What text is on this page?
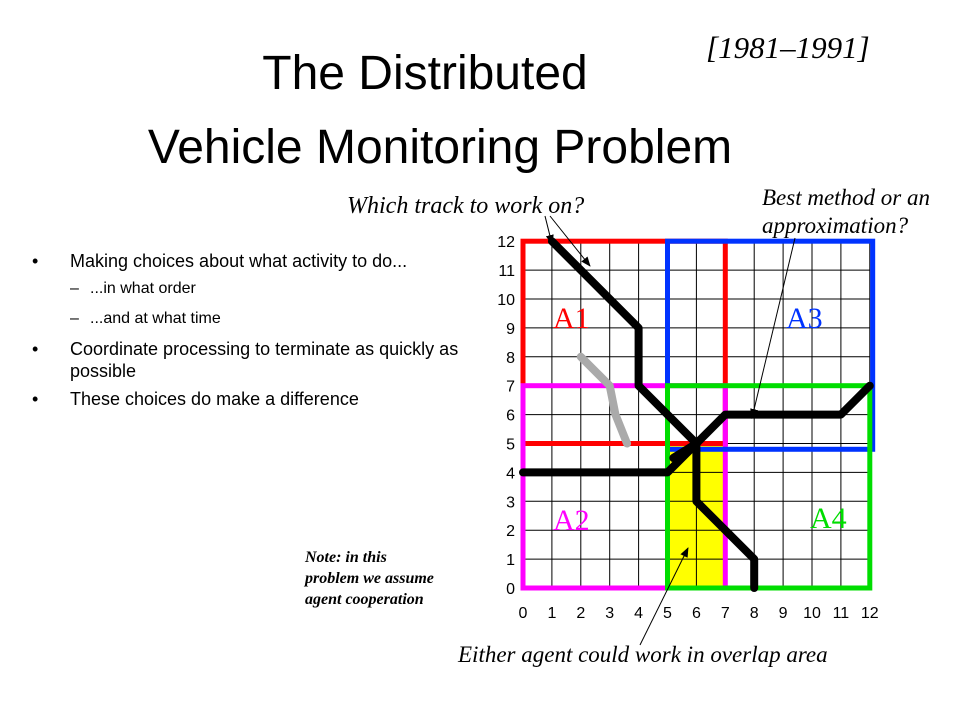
The Distributed
Vehicle Monitoring Problem
[1981–1991]
• Making choices about what activity to do...
– ...in what order
– ...and at what time
• Coordinate processing to terminate as quickly as possible
• These choices do make a difference
0
1
2
3
4
5
6
7
8
9
10
11
12
0 1 2 3 4 5 6 7 8 9 10 11 12
A1
A2
A3
A4
Which track to work on?	Best method or an
approximation?
Note: in this
problem we assume
agent cooperation
Either agent could work in overlap area
